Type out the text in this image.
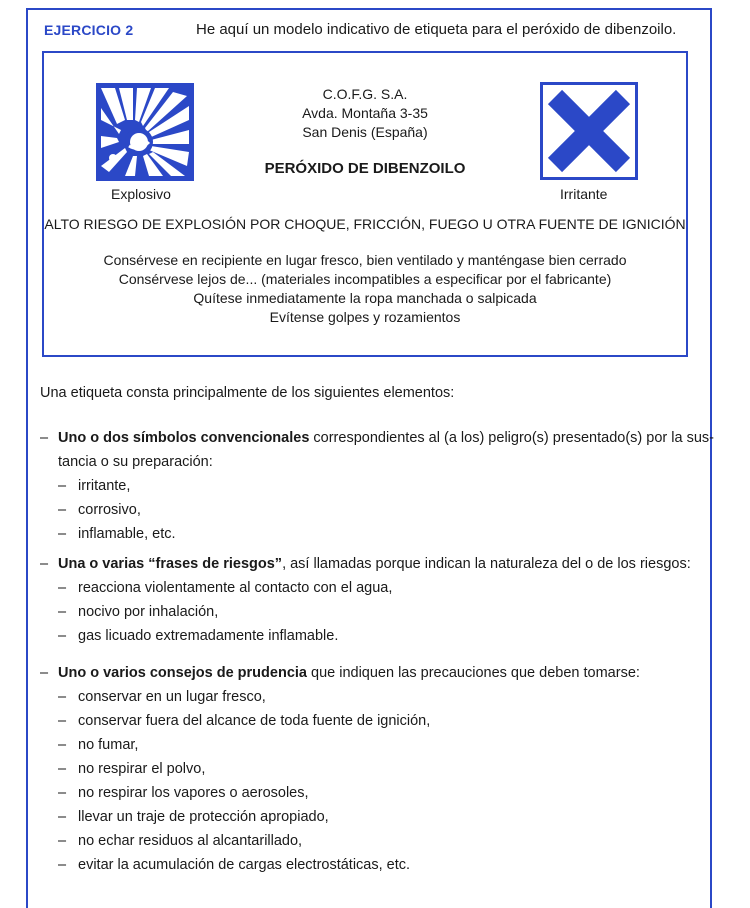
EJERCICIO 2	He aquí un modelo indicativo de etiqueta para el peróxido de dibenzoilo.
Explosivo	Irritante
C.O.F.G. S.A.
Avda. Montaña 3-35
San Denis (España)
PERÓXIDO DE DIBENZOILO
ALTO RIESGO DE EXPLOSIÓN POR CHOQUE, FRICCIÓN, FUEGO U OTRA FUENTE DE IGNICIÓN
Consérvese en recipiente en lugar fresco, bien ventilado y manténgase bien cerrado
Consérvese lejos de... (materiales incompatibles a especificar por el fabricante)
Quítese inmediatamente la ropa manchada o salpicada
Evítense golpes y rozamientos
Una etiqueta consta principalmente de los siguientes elementos:
– Uno o dos símbolos convencionales correspondientes al (a los) peligro(s) presentado(s) por la sus-
tancia o su preparación:
– irritante,
– corrosivo,
– inflamable, etc.
– Una o varias “frases de riesgos”, así llamadas porque indican la naturaleza del o de los riesgos:
– reacciona violentamente al contacto con el agua,
– nocivo por inhalación,
– gas licuado extremadamente inflamable.
– Uno o varios consejos de prudencia que indiquen las precauciones que deben tomarse:
– conservar en un lugar fresco,
– conservar fuera del alcance de toda fuente de ignición,
– no fumar,
– no respirar el polvo,
– no respirar los vapores o aerosoles,
– llevar un traje de protección apropiado,
– no echar residuos al alcantarillado,
– evitar la acumulación de cargas electrostáticas, etc.
